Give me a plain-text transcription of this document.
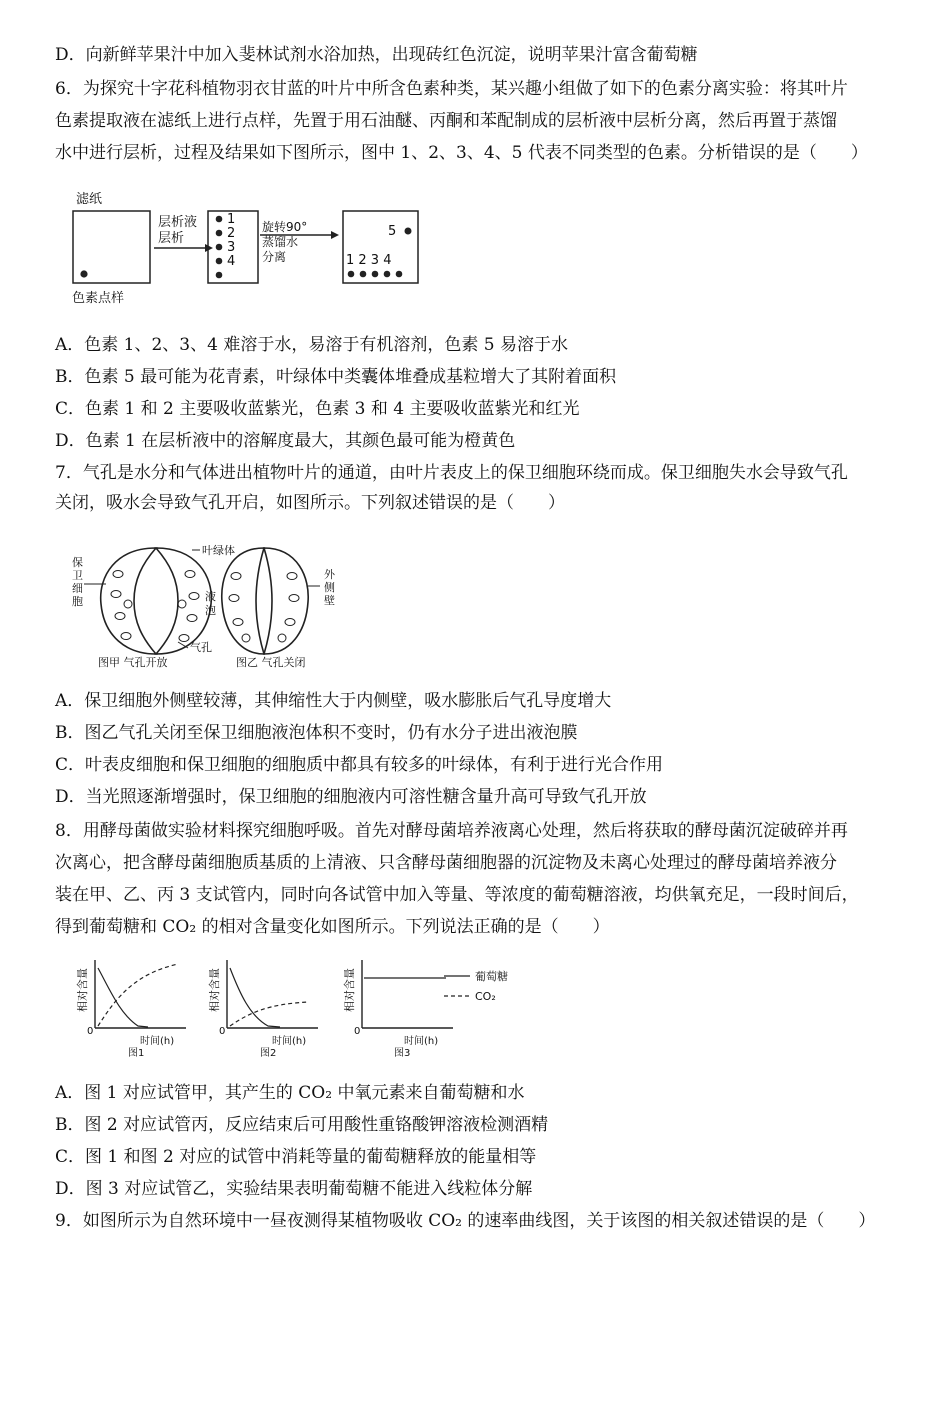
D．向新鲜苹果汁中加入斐林试剂水浴加热，出现砖红色沉淀，说明苹果汁富含葡萄糖
6．为探究十字花科植物羽衣甘蓝的叶片中所含色素种类，某兴趣小组做了如下的色素分离实验：将其叶片
色素提取液在滤纸上进行点样，先置于用石油醚、丙酮和苯配制成的层析液中层析分离，然后再置于蒸馏
水中进行层析，过程及结果如下图所示，图中 1、2、3、4、5 代表不同类型的色素。分析错误的是（　　）
滤纸
色素点样
层析液
层析
1
2
3
4
旋转90°
蒸馏水
分离
5
1 2 3 4
A．色素 1、2、3、4 难溶于水，易溶于有机溶剂，色素 5 易溶于水
B．色素 5 最可能为花青素，叶绿体中类囊体堆叠成基粒增大了其附着面积
C．色素 1 和 2 主要吸收蓝紫光，色素 3 和 4 主要吸收蓝紫光和红光
D．色素 1 在层析液中的溶解度最大，其颜色最可能为橙黄色
7．气孔是水分和气体进出植物叶片的通道，由叶片表皮上的保卫细胞环绕而成。保卫细胞失水会导致气孔
关闭，吸水会导致气孔开启，如图所示。下列叙述错误的是（　　）
保
卫
细
胞
叶绿体
液
泡
气孔
外
侧
壁
图甲 气孔开放	图乙 气孔关闭
A．保卫细胞外侧壁较薄，其伸缩性大于内侧壁，吸水膨胀后气孔导度增大
B．图乙气孔关闭至保卫细胞液泡体积不变时，仍有水分子进出液泡膜
C．叶表皮细胞和保卫细胞的细胞质中都具有较多的叶绿体，有利于进行光合作用
D．当光照逐渐增强时，保卫细胞的细胞液内可溶性糖含量升高可导致气孔开放
8．用酵母菌做实验材料探究细胞呼吸。首先对酵母菌培养液离心处理，然后将获取的酵母菌沉淀破碎并再
次离心，把含酵母菌细胞质基质的上清液、只含酵母菌细胞器的沉淀物及未离心处理过的酵母菌培养液分
装在甲、乙、丙 3 支试管内，同时向各试管中加入等量、等浓度的葡萄糖溶液，均供氧充足，一段时间后，
得到葡萄糖和 CO₂ 的相对含量变化如图所示。下列说法正确的是（　　）
相对含量
0
时间(h)
图1
相对含量
0
时间(h)
图2
相对含量
0
时间(h)
图3
葡萄糖
CO₂
A．图 1 对应试管甲，其产生的 CO₂ 中氧元素来自葡萄糖和水
B．图 2 对应试管丙，反应结束后可用酸性重铬酸钾溶液检测酒精
C．图 1 和图 2 对应的试管中消耗等量的葡萄糖释放的能量相等
D．图 3 对应试管乙，实验结果表明葡萄糖不能进入线粒体分解
9．如图所示为自然环境中一昼夜测得某植物吸收 CO₂ 的速率曲线图，关于该图的相关叙述错误的是（　　）
